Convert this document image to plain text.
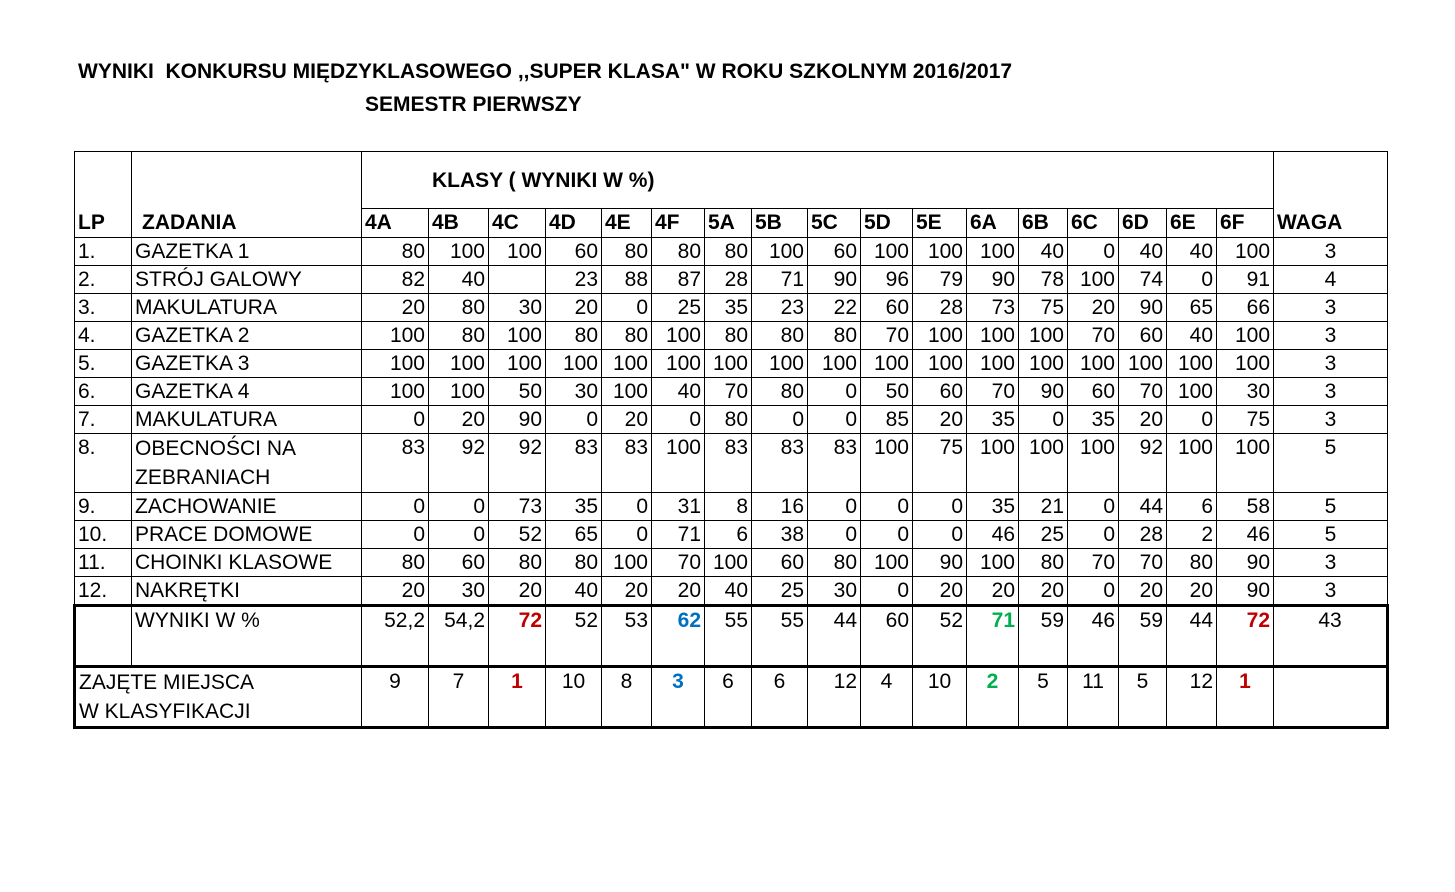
WYNIKI  KONKURSU MIĘDZYKLASOWEGO ,,SUPER KLASA" W ROKU SZKOLNYM 2016/2017
SEMESTR PIERWSZY
LP	ZADANIA	KLASY ( WYNIKI W %)																	WAGA
		4A	4B	4C	4D	4E	4F	5A	5B	5C	5D	5E	6A	6B	6C	6D	6E	6F	
1.	GAZETKA 1	80	100	100	60	80	80	80	100	60	100	100	100	40	0	40	40	100	3
2.	STRÓJ GALOWY	82	40		23	88	87	28	71	90	96	79	90	78	100	74	0	91	4
3.	MAKULATURA	20	80	30	20	0	25	35	23	22	60	28	73	75	20	90	65	66	3
4.	GAZETKA 2	100	80	100	80	80	100	80	80	80	70	100	100	100	70	60	40	100	3
5.	GAZETKA 3	100	100	100	100	100	100	100	100	100	100	100	100	100	100	100	100	100	3
6.	GAZETKA 4	100	100	50	30	100	40	70	80	0	50	60	70	90	60	70	100	30	3
7.	MAKULATURA	0	20	90	0	20	0	80	0	0	85	20	35	0	35	20	0	75	3
8.	OBECNOŚCI NA ZEBRANIACH	83	92	92	83	83	100	83	83	83	100	75	100	100	100	92	100	100	5
9.	ZACHOWANIE	0	0	73	35	0	31	8	16	0	0	0	35	21	0	44	6	58	5
10.	PRACE DOMOWE	0	0	52	65	0	71	6	38	0	0	0	46	25	0	28	2	46	5
11.	CHOINKI KLASOWE	80	60	80	80	100	70	100	60	80	100	90	100	80	70	70	80	90	3
12.	NAKRĘTKI	20	30	20	40	20	20	40	25	30	0	20	20	20	0	20	20	90	3
	WYNIKI W %	52,2	54,2	72	52	53	62	55	55	44	60	52	71	59	46	59	44	72	43
ZAJĘTE MIEJSCA W KLASYFIKACJI		9	7	1	10	8	3	6	6	12	4	10	2	5	11	5	12	1	
